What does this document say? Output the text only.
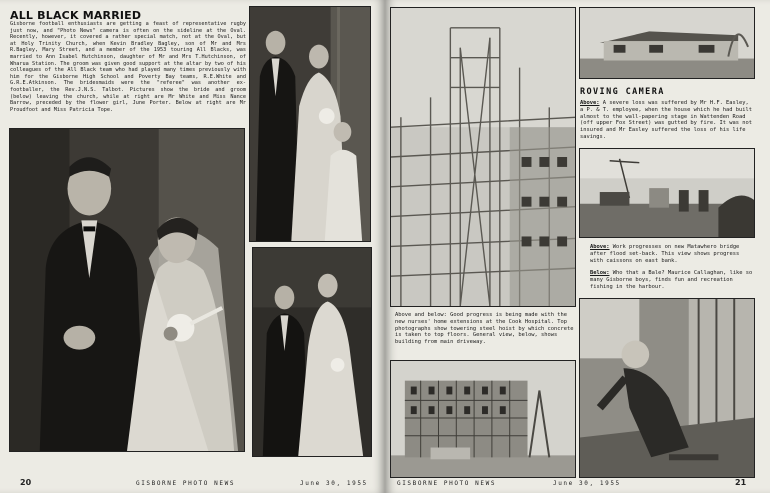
ALL BLACK MARRIED

Gisborne football enthusiasts are getting a feast of representative rugby just now, and "Photo News" camera is often on the sideline at the Oval. Recently, however, it covered a rather special match, not at the Oval, but at Holy Trinity Church, when Kevin Bradley Bagley, son of Mr and Mrs R.Bagley, Mary Street, and a member of the 1953 touring All Blacks, was married to Ann Isabel Hutchinson, daughter of Mr and Mrs T.Hutchinson, of Wharua Station. The groom was given good support at the altar by two of his colleagues of the All Black team who had played many times previously with him for the Gisborne High School and Poverty Bay teams, R.E.White and G.R.E.Atkinson. The bridesmaids were the "referee" was another ex-footballer, the Rev.J.N.S. Talbot. Pictures show the bride and groom (below) leaving the church, while at right are Mr White and Miss Nance Barrow, preceded by the flower girl, June Porter. Below at right are Mr Proudfoot and Miss Patricia Tope.

20	GISBORNE PHOTO NEWS	June 30, 1955
ROVING CAMERA

Above: A severe loss was suffered by Mr H.F. Easley, a P. & T. employee, when the house which he had built almost to the wall-papering stage in Wattenden Road (off upper Fox Street) was gutted by fire. It was not insured and Mr Easley suffered the loss of his life savings.

Above: Work progresses on new Matawhero bridge after flood set-back. This view shows progress with caissons on east bank.

Below: Who that a Bale? Maurice Callaghan, like so many Gisborne boys, finds fun and recreation fishing in the harbour.

Above and below: Good progress is being made with the new nurses' home extensions at the Cook Hospital. Top photographs show towering steel hoist by which concrete is taken to top floors. General view, below, shows building from main driveway.

GISBORNE PHOTO NEWS	June 30, 1955	21
